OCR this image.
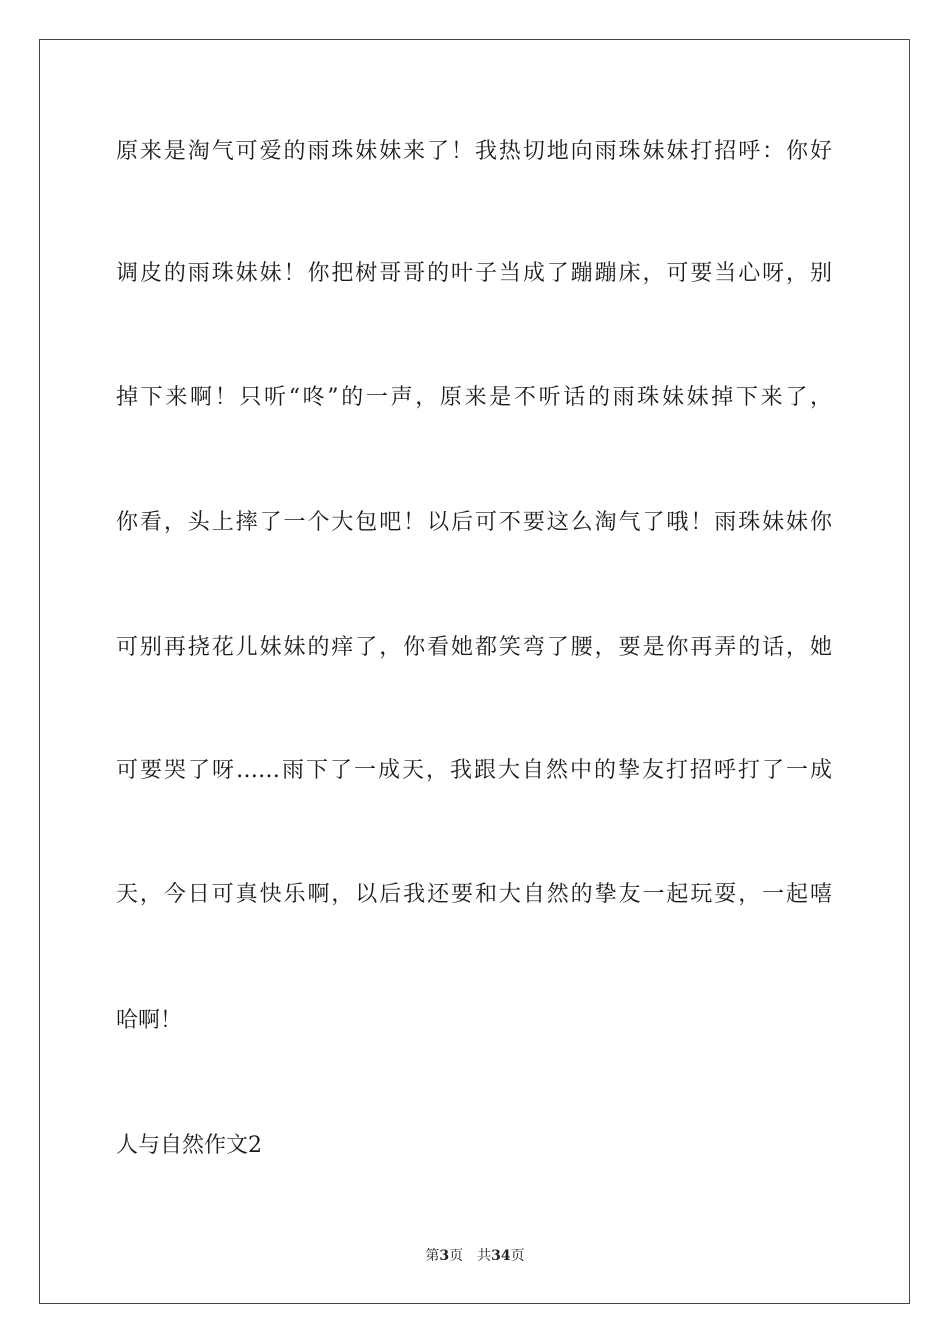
原来是淘气可爱的雨珠妹妹来了！我热切地向雨珠妹妹打招呼：你好
调皮的雨珠妹妹！你把树哥哥的叶子当成了蹦蹦床，可要当心呀，别
掉下来啊！只听“咚”的一声，原来是不听话的雨珠妹妹掉下来了，
你看，头上摔了一个大包吧！以后可不要这么淘气了哦！雨珠妹妹你
可别再挠花儿妹妹的痒了，你看她都笑弯了腰，要是你再弄的话，她
可要哭了呀……雨下了一成天，我跟大自然中的挚友打招呼打了一成
天，今日可真快乐啊，以后我还要和大自然的挚友一起玩耍，一起嘻
哈啊！
人与自然作文2
第3页 共34页
